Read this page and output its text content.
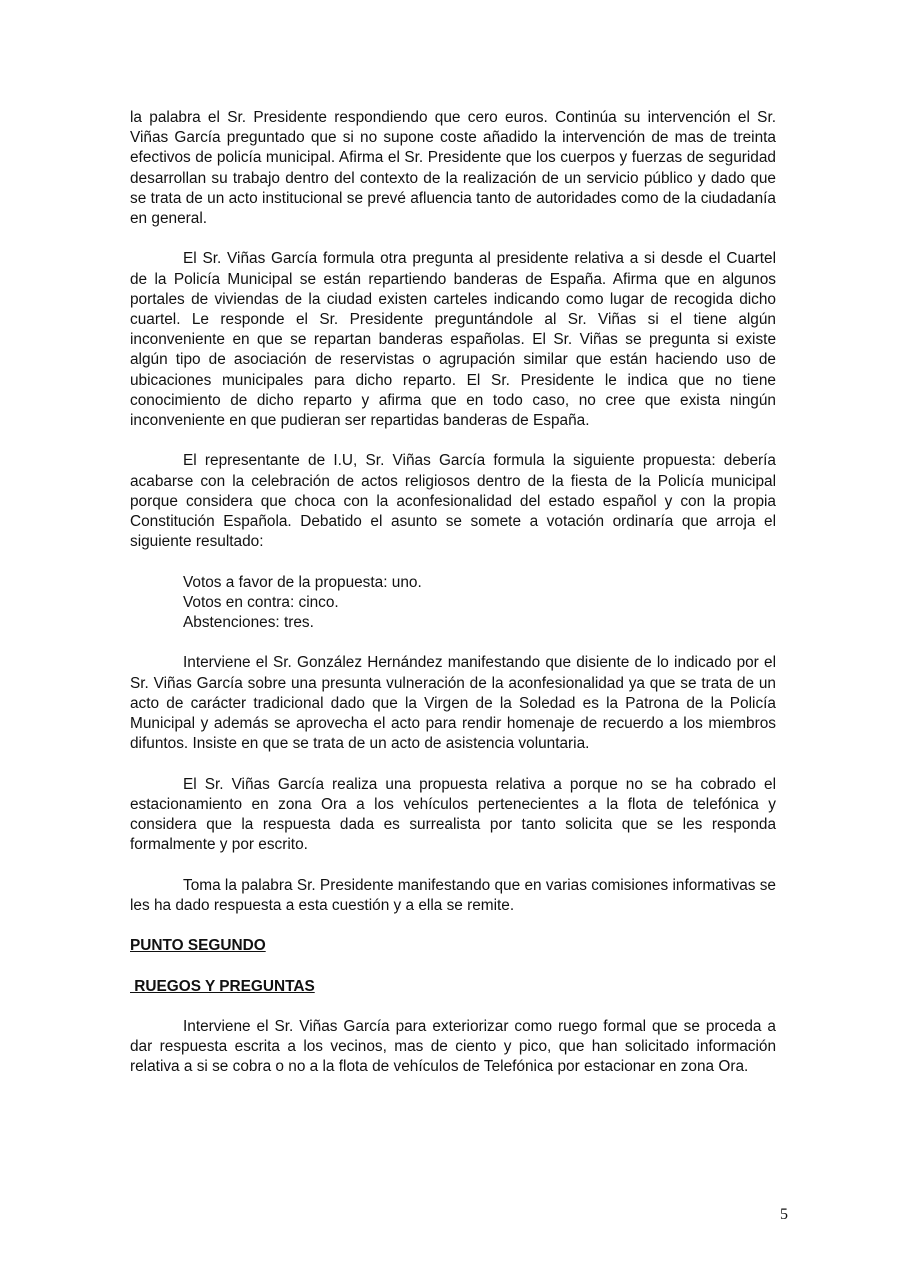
la palabra el Sr. Presidente respondiendo que cero euros. Continúa su intervención el Sr. Viñas García preguntado que si no supone coste añadido la intervención de mas de treinta efectivos de policía municipal. Afirma el Sr. Presidente que los cuerpos y fuerzas de seguridad desarrollan su trabajo dentro del contexto de la realización de un servicio público y dado que se trata de un acto institucional se prevé afluencia tanto de autoridades como de la ciudadanía en general.

El Sr. Viñas García formula otra pregunta al presidente relativa a si desde el Cuartel de la Policía Municipal se están repartiendo banderas de España. Afirma que en algunos portales de viviendas de la ciudad existen carteles indicando como lugar de recogida dicho cuartel. Le responde el Sr. Presidente preguntándole al Sr. Viñas si el tiene algún inconveniente en que se repartan banderas españolas. El Sr. Viñas se pregunta si existe algún tipo de asociación de reservistas o agrupación similar que están haciendo uso de ubicaciones municipales para dicho reparto. El Sr. Presidente le indica que no tiene conocimiento de dicho reparto y afirma que en todo caso, no cree que exista ningún inconveniente en que pudieran ser repartidas banderas de España.

El representante de I.U, Sr. Viñas García formula la siguiente propuesta: debería acabarse con la celebración de actos religiosos dentro de la fiesta de la Policía municipal porque considera que choca con la aconfesionalidad del estado español y con la propia Constitución Española. Debatido el asunto se somete a votación ordinaría que arroja el siguiente resultado:

Votos a favor de la propuesta: uno.
Votos en contra: cinco.
Abstenciones: tres.

Interviene el Sr. González Hernández manifestando que disiente de lo indicado por el Sr. Viñas García sobre una presunta vulneración de la aconfesionalidad ya que se trata de un acto de carácter tradicional dado que la Virgen de la Soledad es la Patrona de la Policía Municipal y además se aprovecha el acto para rendir homenaje de recuerdo a los miembros difuntos. Insiste en que se trata de un acto de asistencia voluntaria.

El Sr. Viñas García realiza una propuesta relativa a porque no se ha cobrado el estacionamiento en zona Ora a los vehículos pertenecientes a la flota de telefónica y considera que la respuesta dada es surrealista por tanto solicita que se les responda formalmente y por escrito.

Toma la palabra Sr. Presidente manifestando que en varias comisiones informativas se les ha dado respuesta a esta cuestión y a ella se remite.

PUNTO SEGUNDO

RUEGOS Y PREGUNTAS

Interviene el Sr. Viñas García para exteriorizar como ruego formal que se proceda a dar respuesta escrita a los vecinos, mas de ciento y pico, que han solicitado información relativa a si se cobra o no a la flota de vehículos de Telefónica por estacionar en zona Ora.

5
